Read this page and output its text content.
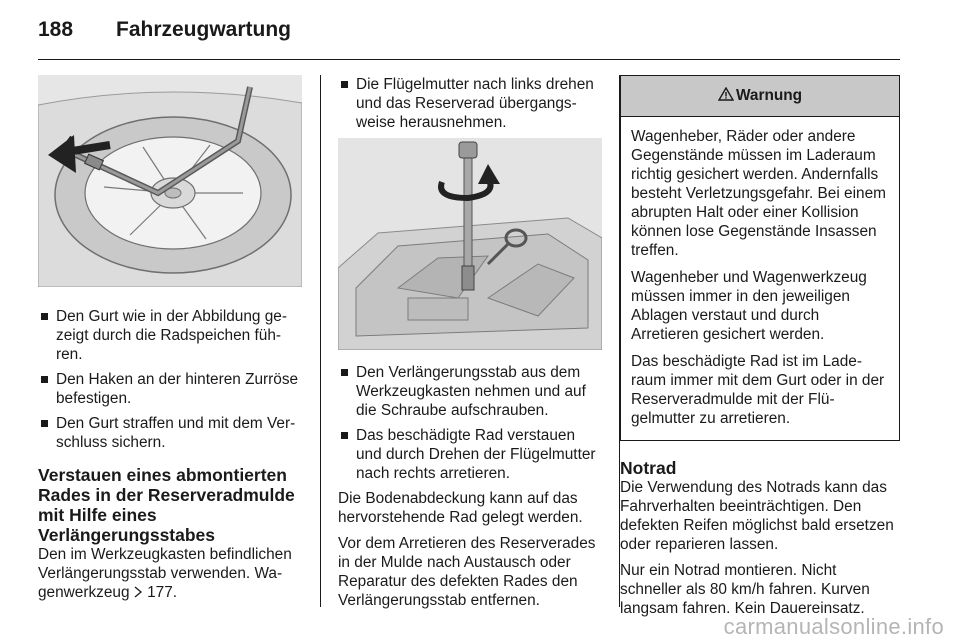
188	Fahrzeugwartung
Den Gurt wie in der Abbildung gezeigt durch die Radspeichen führen.
Den Haken an der hinteren Zurröse befestigen.
Den Gurt straffen und mit dem Verschluss sichern.
Verstauen eines abmontierten Rades in der Reserveradmulde mit Hilfe eines Verlängerungsstabes

Den im Werkzeugkasten befindlichen Verlängerungsstab verwenden. Wagenwerkzeug 177.

Die Flügelmutter nach links drehen und das Reserverad übergangsweise herausnehmen.
Den Verlängerungsstab aus dem Werkzeugkasten nehmen und auf die Schraube aufschrauben.
Das beschädigte Rad verstauen und durch Drehen der Flügelmutter nach rechts arretieren.

Die Bodenabdeckung kann auf das hervorstehende Rad gelegt werden.

Vor dem Arretieren des Reserverades in der Mulde nach Austausch oder Reparatur des defekten Rades den Verlängerungsstab entfernen.

Warnung

Wagenheber, Räder oder andere Gegenstände müssen im Laderaum richtig gesichert werden. Andernfalls besteht Verletzungsgefahr. Bei einem abrupten Halt oder einer Kollision können lose Gegenstände Insassen treffen.

Wagenheber und Wagenwerkzeug müssen immer in den jeweiligen Ablagen verstaut und durch Arretieren gesichert werden.

Das beschädigte Rad ist im Laderaum immer mit dem Gurt oder in der Reserveradmulde mit der Flügelmutter zu arretieren.

Notrad

Die Verwendung des Notrads kann das Fahrverhalten beeinträchtigen. Den defekten Reifen möglichst bald ersetzen oder reparieren lassen.

Nur ein Notrad montieren. Nicht schneller als 80 km/h fahren. Kurven langsam fahren. Kein Dauereinsatz.

carmanualsonline.info
